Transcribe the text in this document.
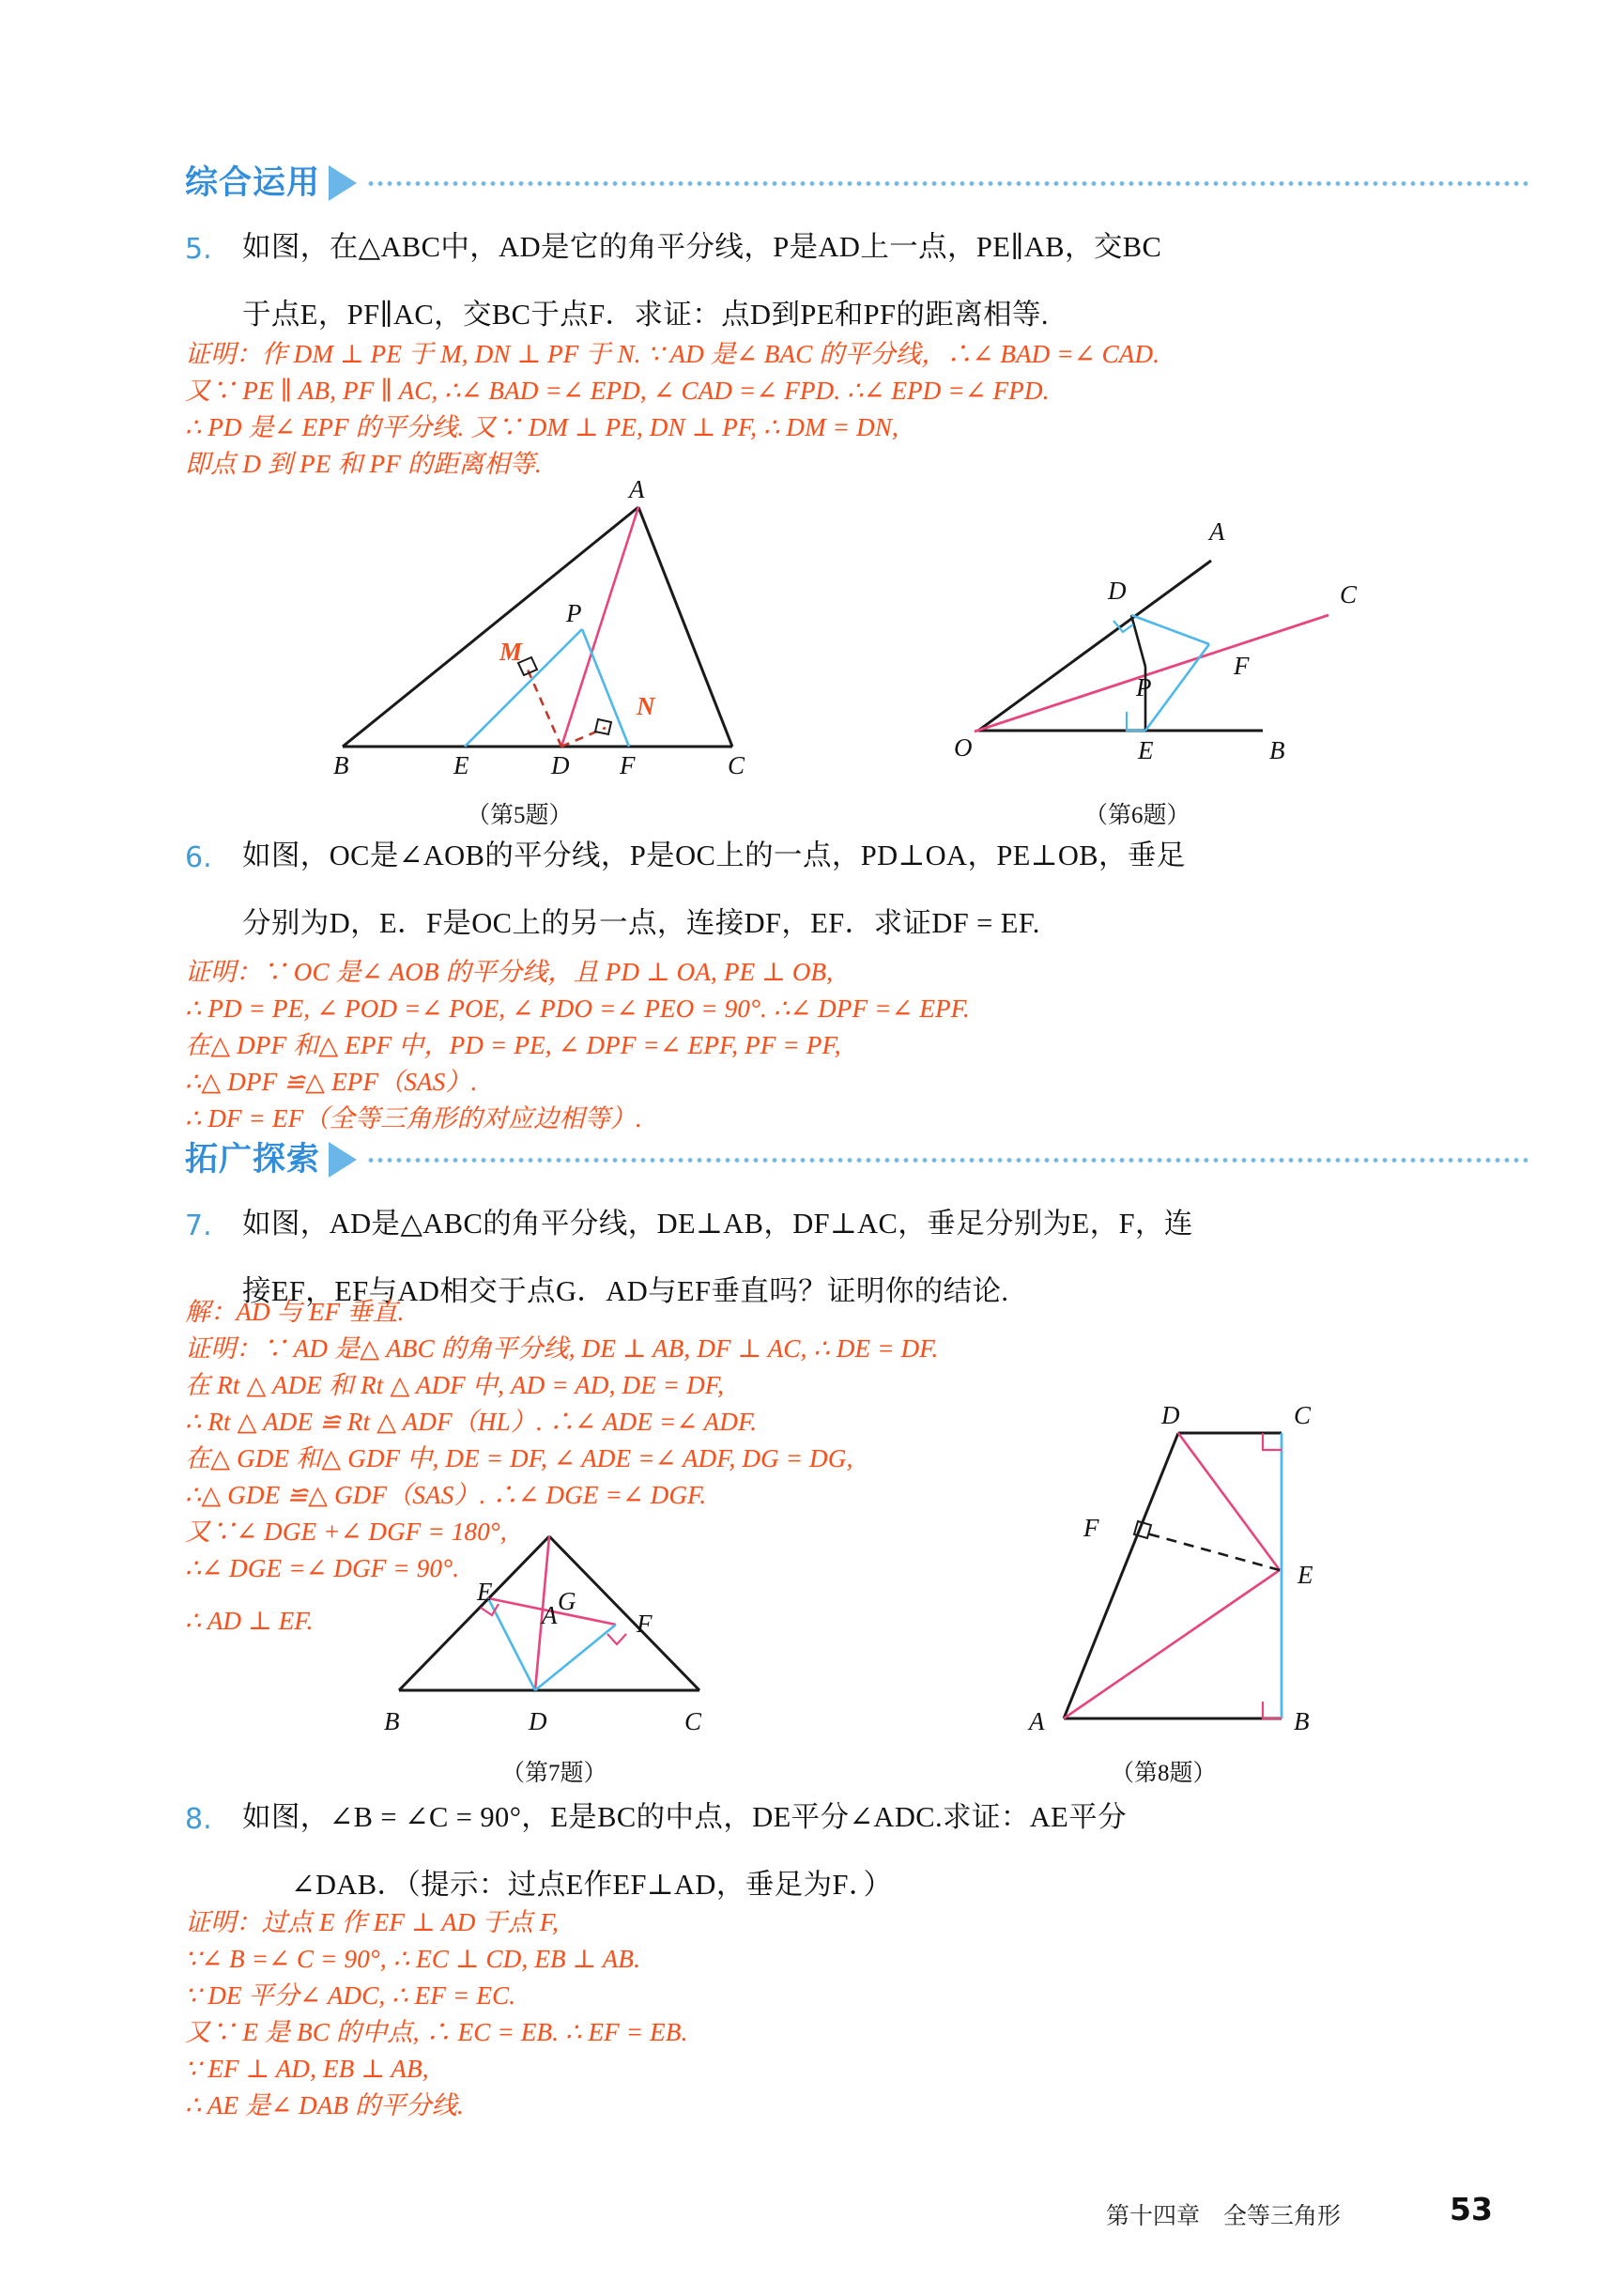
综合运用
5. 如图，在△ABC中，AD是它的角平分线，P是AD上一点，PE∥AB，交BC
于点E，PF∥AC，交BC于点F．求证：点D到PE和PF的距离相等.
证明：作 DM ⊥ PE 于 M, DN ⊥ PF 于 N. ∵ AD 是∠ BAC 的平分线，∴∠ BAD =∠ CAD.
又∵ PE ∥ AB, PF ∥ AC, ∴∠ BAD =∠ EPD, ∠ CAD =∠ FPD. ∴∠ EPD =∠ FPD.
∴ PD 是∠ EPF 的平分线. 又∵ DM ⊥ PE, DN ⊥ PF, ∴ DM = DN,
即点 D 到 PE 和 PF 的距离相等.
A
P
M
N
B	E	D F	C
（第5题）
A
C
D
F
P
O	E	B
（第6题）
6. 如图，OC是∠AOB的平分线，P是OC上的一点，PD⊥OA，PE⊥OB，垂足
分别为D，E．F是OC上的另一点，连接DF，EF．求证DF = EF.
证明：∵ OC 是∠ AOB 的平分线，且 PD ⊥ OA, PE ⊥ OB,
∴ PD = PE, ∠ POD =∠ POE, ∠ PDO =∠ PEO = 90°. ∴∠ DPF =∠ EPF.
在△ DPF 和△ EPF 中，PD = PE, ∠ DPF =∠ EPF, PF = PF,
∴△ DPF ≌△ EPF（SAS）.
∴ DF = EF（全等三角形的对应边相等）.
拓广探索
7. 如图，AD是△ABC的角平分线，DE⊥AB，DF⊥AC，垂足分别为E，F，连
接EF，EF与AD相交于点G．AD与EF垂直吗？证明你的结论.
解：AD 与 EF 垂直.
证明：∵ AD 是△ ABC 的角平分线, DE ⊥ AB, DF ⊥ AC, ∴ DE = DF.
在 Rt △ ADE 和 Rt △ ADF 中, AD = AD, DE = DF,
∴ Rt △ ADE ≌ Rt △ ADF（HL）. ∴∠ ADE =∠ ADF.
在△ GDE 和△ GDF 中, DE = DF, ∠ ADE =∠ ADF, DG = DG,
∴△ GDE ≌△ GDF（SAS）. ∴∠ DGE =∠ DGF.
又∵∠ DGE +∠ DGF = 180°,
∴∠ DGE =∠ DGF = 90°.
∴ AD ⊥ EF.	A
E	G
F
B	D	C
（第7题）
D	C
F
E
A	B
（第8题）
8. 如图，∠B = ∠C = 90°，E是BC的中点，DE平分∠ADC.求证：AE平分
∠DAB．（提示：过点E作EF⊥AD，垂足为F．）
证明：过点 E 作 EF ⊥ AD 于点 F,
∵∠ B =∠ C = 90°, ∴ EC ⊥ CD, EB ⊥ AB.
∵ DE 平分∠ ADC, ∴ EF = EC.
又∵ E 是 BC 的中点, ∴ EC = EB. ∴ EF = EB.
∵ EF ⊥ AD, EB ⊥ AB,
∴ AE 是∠ DAB 的平分线.
第十四章　全等三角形	53
